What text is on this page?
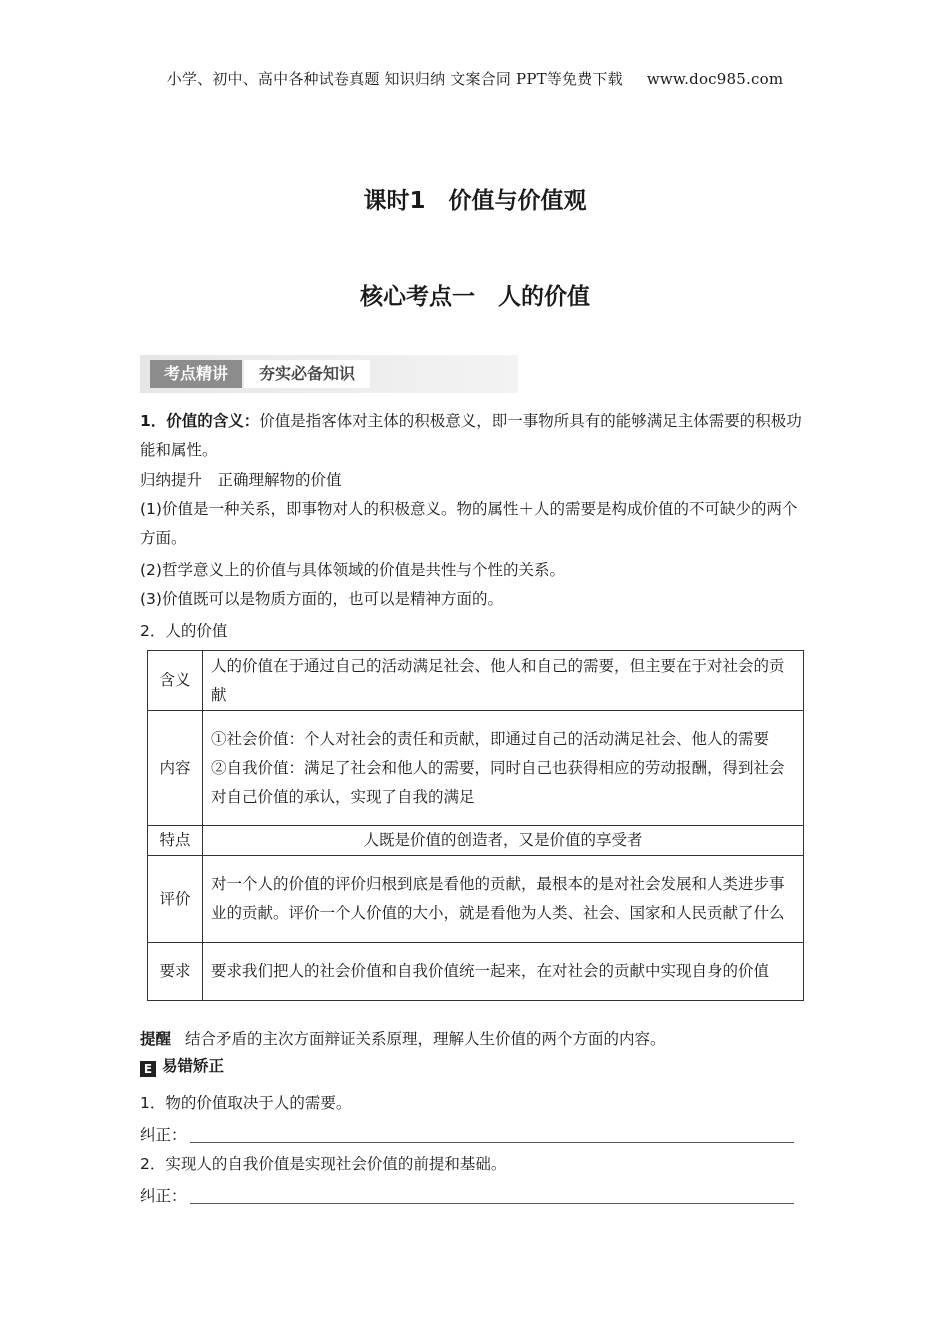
小学、初中、高中各种试卷真题 知识归纳 文案合同 PPT等免费下载 www.doc985.com
课时1　价值与价值观
核心考点一　人的价值
考点精讲	夯实必备知识
1．价值的含义：价值是指客体对主体的积极意义，即一事物所具有的能够满足主体需要的积极功能和属性。
归纳提升　正确理解物的价值
(1)价值是一种关系，即事物对人的积极意义。物的属性＋人的需要是构成价值的不可缺少的两个方面。
(2)哲学意义上的价值与具体领域的价值是共性与个性的关系。
(3)价值既可以是物质方面的，也可以是精神方面的。
2．人的价值
含义	人的价值在于通过自己的活动满足社会、他人和自己的需要，但主要在于对社会的贡献
内容	①社会价值：个人对社会的责任和贡献，即通过自己的活动满足社会、他人的需要
②自我价值：满足了社会和他人的需要，同时自己也获得相应的劳动报酬，得到社会对自己价值的承认，实现了自我的满足

特点	人既是价值的创造者，又是价值的享受者
评价	对一个人的价值的评价归根到底是看他的贡献，最根本的是对社会发展和人类进步事业的贡献。评价一个人价值的大小，就是看他为人类、社会、国家和人民贡献了什么
要求	要求我们把人的社会价值和自我价值统一起来，在对社会的贡献中实现自身的价值
提醒 结合矛盾的主次方面辩证关系原理，理解人生价值的两个方面的内容。
E 易错矫正
1．物的价值取决于人的需要。
纠正：
2．实现人的自我价值是实现社会价值的前提和基础。
纠正：
